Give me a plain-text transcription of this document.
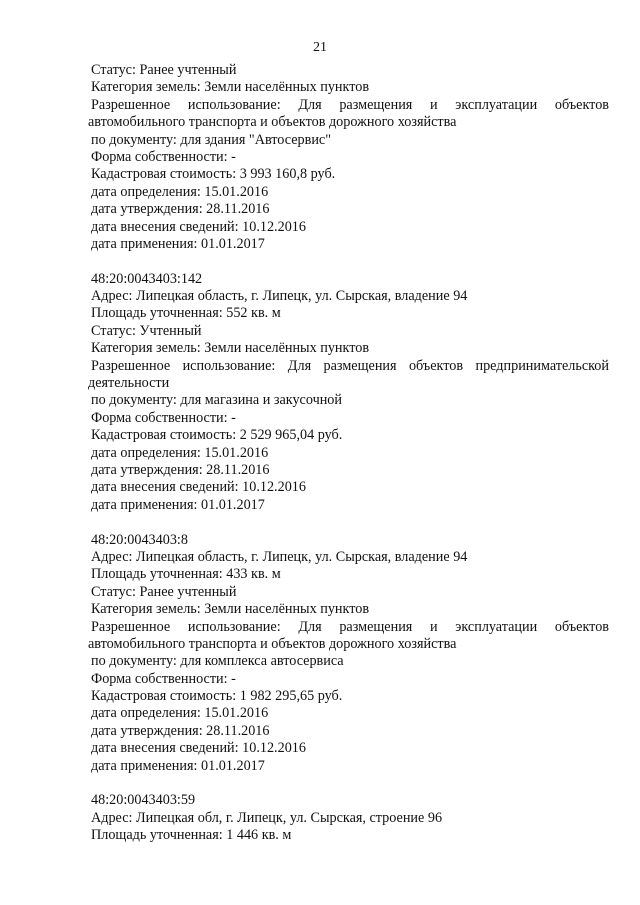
21
Статус: Ранее учтенный
Категория земель: Земли населённых пунктов
Разрешенное использование: Для размещения и эксплуатации объектов
автомобильного транспорта и объектов дорожного хозяйства
по документу: для здания "Автосервис"
Форма собственности: -
Кадастровая стоимость: 3 993 160,8 руб.
дата определения: 15.01.2016
дата утверждения: 28.11.2016
дата внесения сведений: 10.12.2016
дата применения: 01.01.2017
48:20:0043403:142
Адрес: Липецкая область, г. Липецк, ул. Сырская, владение 94
Площадь уточненная: 552 кв. м
Статус: Учтенный
Категория земель: Земли населённых пунктов
Разрешенное использование: Для размещения объектов предпринимательской
деятельности
по документу: для магазина и закусочной
Форма собственности: -
Кадастровая стоимость: 2 529 965,04 руб.
дата определения: 15.01.2016
дата утверждения: 28.11.2016
дата внесения сведений: 10.12.2016
дата применения: 01.01.2017
48:20:0043403:8
Адрес: Липецкая область, г. Липецк, ул. Сырская, владение 94
Площадь уточненная: 433 кв. м
Статус: Ранее учтенный
Категория земель: Земли населённых пунктов
Разрешенное использование: Для размещения и эксплуатации объектов
автомобильного транспорта и объектов дорожного хозяйства
по документу: для комплекса автосервиса
Форма собственности: -
Кадастровая стоимость: 1 982 295,65 руб.
дата определения: 15.01.2016
дата утверждения: 28.11.2016
дата внесения сведений: 10.12.2016
дата применения: 01.01.2017
48:20:0043403:59
Адрес: Липецкая обл, г. Липецк, ул. Сырская, строение 96
Площадь уточненная: 1 446 кв. м
